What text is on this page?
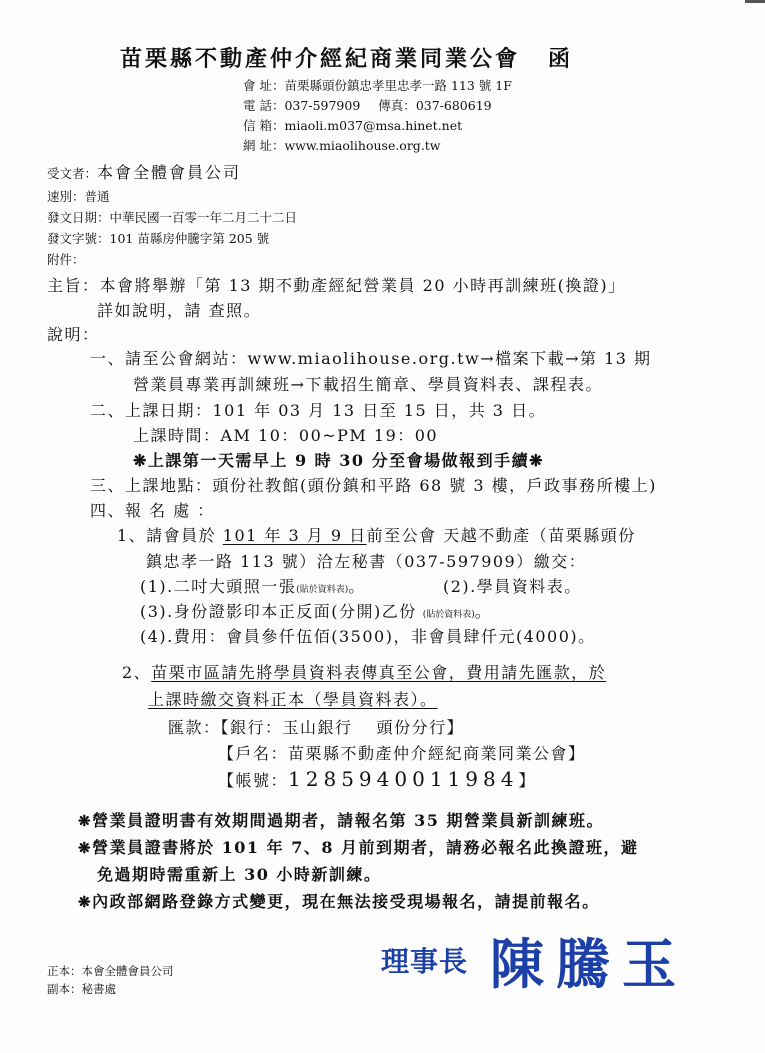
苗栗縣不動產仲介經紀商業同業公會 函
會 址：苗栗縣頭份鎮忠孝里忠孝一路 113 號 1F
電 話：037-597909 傳真：037-680619
信 箱：miaoli.m037@msa.hinet.net
網 址：www.miaolihouse.org.tw
受文者：本會全體會員公司
速別：普通
發文日期：中華民國一百零一年二月二十二日
發文字號：101 苗縣房仲騰字第 205 號
附件：
主旨：本會將舉辦「第 13 期不動產經紀營業員 20 小時再訓練班(換證)」
詳如說明，請 查照。
說明：
一、請至公會網站：www.miaolihouse.org.tw→檔案下載→第 13 期
營業員專業再訓練班→下載招生簡章、學員資料表、課程表。
二、上課日期：101 年 03 月 13 日至 15 日，共 3 日。
上課時間：AM 10：00~PM 19：00
❋上課第一天需早上 9 時 30 分至會場做報到手續❋
三、上課地點：頭份社教館(頭份鎮和平路 68 號 3 樓，戶政事務所樓上)
四、報 名 處 ：
1、請會員於 101 年 3 月 9 日前至公會 天越不動產（苗栗縣頭份
鎮忠孝一路 113 號）洽左秘書（037-597909）繳交：
(1).二吋大頭照一張(貼於資料表)。	(2).學員資料表。
(3).身份證影印本正反面(分開)乙份 (貼於資料表)。
(4).費用：會員參仟伍佰(3500)，非會員肆仟元(4000)。
2、苗栗市區請先將學員資料表傳真至公會，費用請先匯款，於
上課時繳交資料正本（學員資料表）。
匯款：【銀行：玉山銀行　 頭份分行】
【戶名：苗栗縣不動產仲介經紀商業同業公會】
【帳號：1285940011984】
❋營業員證明書有效期間過期者，請報名第 35 期營業員新訓練班。
❋營業員證書將於 101 年 7、8 月前到期者，請務必報名此換證班，避
免過期時需重新上 30 小時新訓練。
❋內政部網路登錄方式變更，現在無法接受現場報名，請提前報名。
正本：本會全體會員公司
副本：秘書處
理事長 陳騰玉
